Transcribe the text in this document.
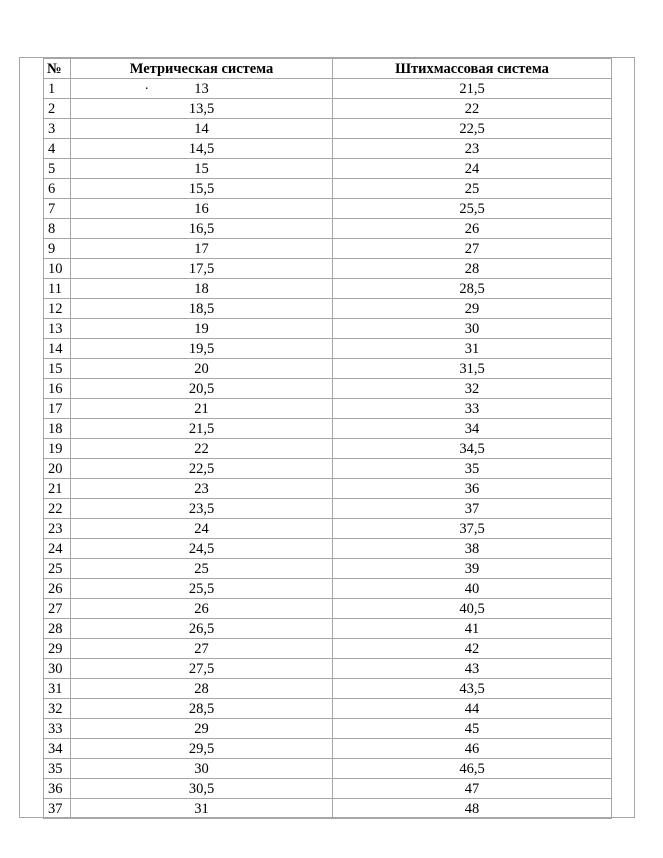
№	Метрическая система	Штихмассовая система
1	13	21,5
2	13,5	22
3	14	22,5
4	14,5	23
5	15	24
6	15,5	25
7	16	25,5
8	16,5	26
9	17	27
10	17,5	28
11	18	28,5
12	18,5	29
13	19	30
14	19,5	31
15	20	31,5
16	20,5	32
17	21	33
18	21,5	34
19	22	34,5
20	22,5	35
21	23	36
22	23,5	37
23	24	37,5
24	24,5	38
25	25	39
26	25,5	40
27	26	40,5
28	26,5	41
29	27	42
30	27,5	43
31	28	43,5
32	28,5	44
33	29	45
34	29,5	46
35	30	46,5
36	30,5	47
37	31	48
.
